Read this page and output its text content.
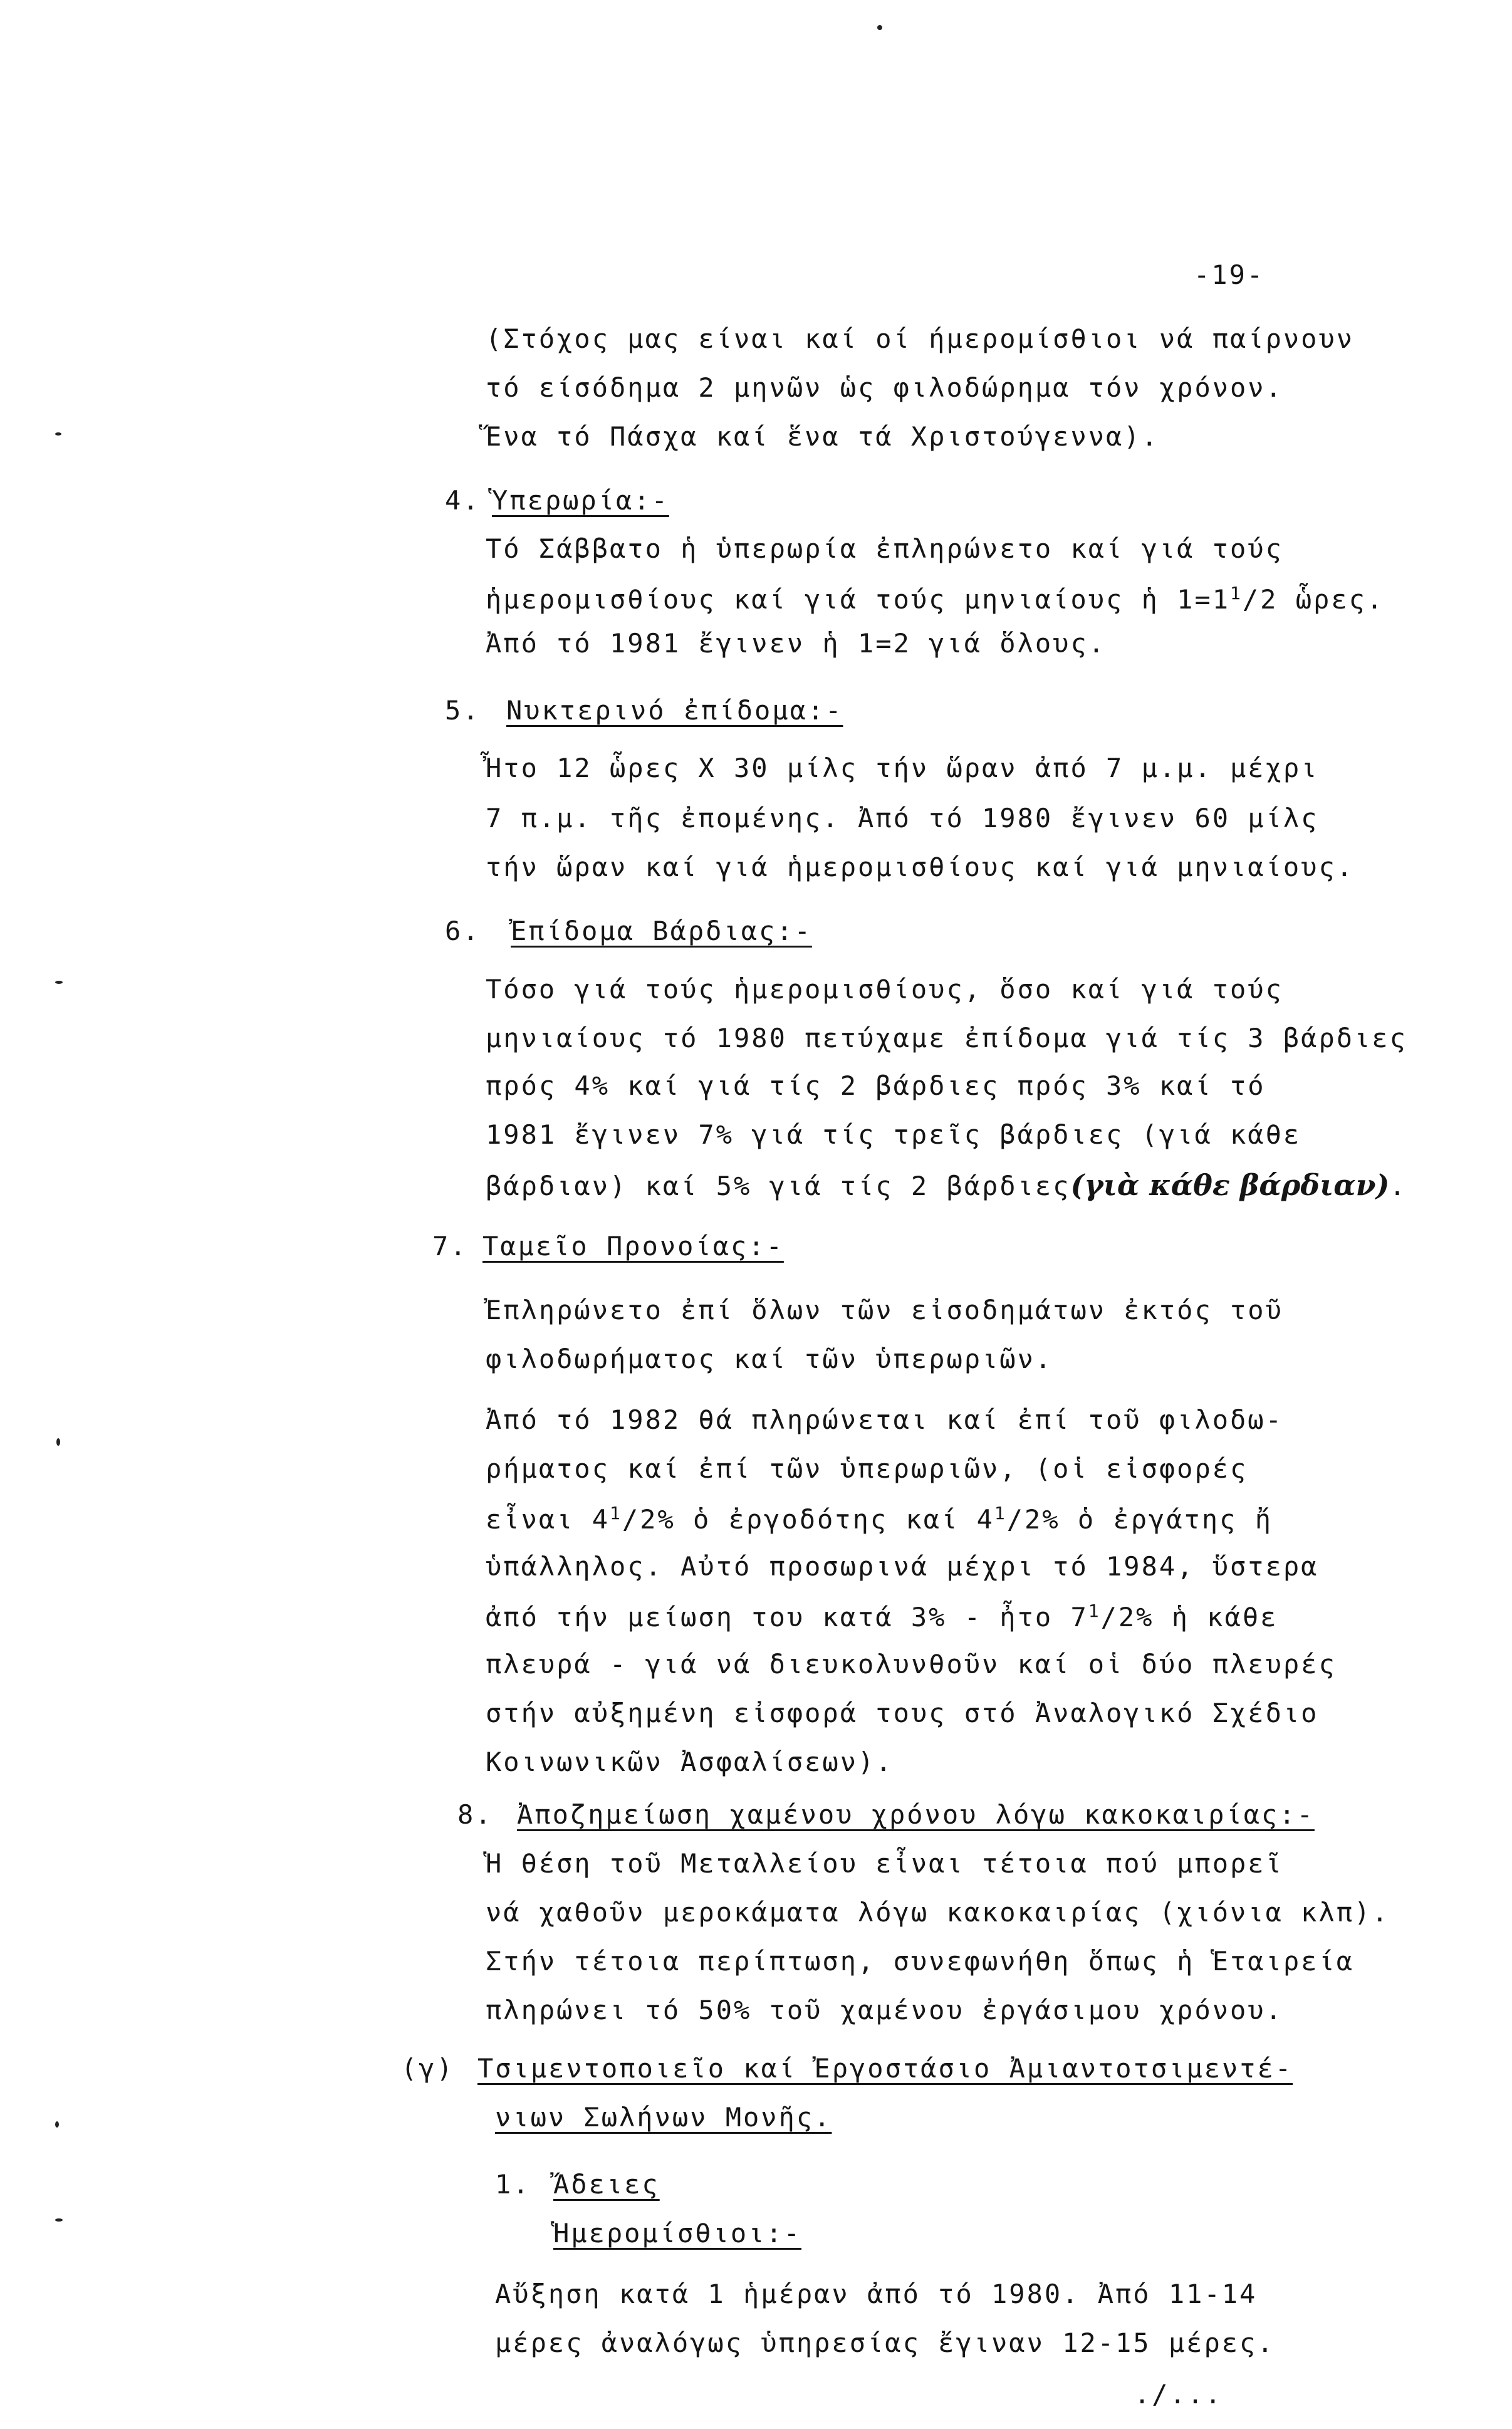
-19-
(Στόχος μας είναι καί οί ήμερομίσθιοι νά παίρνουν
τό είσόδημα 2 μηνῶν ὡς φιλοδώρημα τόν χρόνον.
Ἕνα τό Πάσχα καί ἕνα τά Χριστούγεννα).
4. Ὑπερωρία:-
Τό Σάββατο ἡ ὑπερωρία ἐπληρώνετο καί γιά τούς
ἡμερομισθίους καί γιά τούς μηνιαίους ἡ $1=1^1/2$ ὧρες.
Ἀπό τό 1981 ἔγινεν ἡ 1=2 γιά ὅλους.
5. Νυκτερινό ἐπίδομα:-
Ἦτο 12 ὧρες Χ 30 μίλς τήν ὥραν ἀπό 7 μ.μ. μέχρι
7 π.μ. τῆς ἐπομένης. Ἀπό τό 1980 ἔγινεν 60 μίλς
τήν ὥραν καί γιά ἡμερομισθίους καί γιά μηνιαίους.
6. Ἐπίδομα Βάρδιας:-
Τόσο γιά τούς ἡμερομισθίους, ὅσο καί γιά τούς
μηνιαίους τό 1980 πετύχαμε ἐπίδομα γιά τίς 3 βάρδιες
πρός 4% καί γιά τίς 2 βάρδιες πρός 3% καί τό
1981 ἔγινεν 7% γιά τίς τρεῖς βάρδιες (γιά κάθε
βάρδιαν) καί 5% γιά τίς 2 βάρδιες(γιὰ κάθε βάρδιαν).
7. Ταμεῖο Προνοίας:-
Ἐπληρώνετο ἐπί ὅλων τῶν εἰσοδημάτων ἐκτός τοῦ
φιλοδωρήματος καί τῶν ὑπερωριῶν.
Ἀπό τό 1982 θά πληρώνεται καί ἐπί τοῦ φιλοδω-
ρήματος καί ἐπί τῶν ὑπερωριῶν, (οἱ εἰσφορές
εἶναι $4^1/2\%$ ὁ ἐργοδότης καί $4^1/2\%$ ὁ ἐργάτης ἤ
ὑπάλληλος. Αὐτό προσωρινά μέχρι τό 1984, ὕστερα
ἀπό τήν μείωση του κατά 3% - ἦτο $7^1/2\%$ ἡ κάθε
πλευρά - γιά νά διευκολυνθοῦν καί οἱ δύο πλευρές
στήν αὐξημένη εἰσφορά τους στό Ἀναλογικό Σχέδιο
Κοινωνικῶν Ἀσφαλίσεων).
8. Ἀποζημείωση χαμένου χρόνου λόγω κακοκαιρίας:-
Ἡ θέση τοῦ Μεταλλείου εἶναι τέτοια πού μπορεῖ
νά χαθοῦν μεροκάματα λόγω κακοκαιρίας (χιόνια κλπ).
Στήν τέτοια περίπτωση, συνεφωνήθη ὅπως ἡ Ἑταιρεία
πληρώνει τό 50% τοῦ χαμένου ἐργάσιμου χρόνου.
(γ) Τσιμεντοποιεῖο καί Ἐργοστάσιο Ἀμιαντοτσιμεντέ-
νιων Σωλήνων Μονῆς.
1. Ἄδειες
Ἡμερομίσθιοι:-
Αὔξηση κατά 1 ἡμέραν ἀπό τό 1980. Ἀπό 11-14
μέρες ἀναλόγως ὑπηρεσίας ἔγιναν 12-15 μέρες.
./...
